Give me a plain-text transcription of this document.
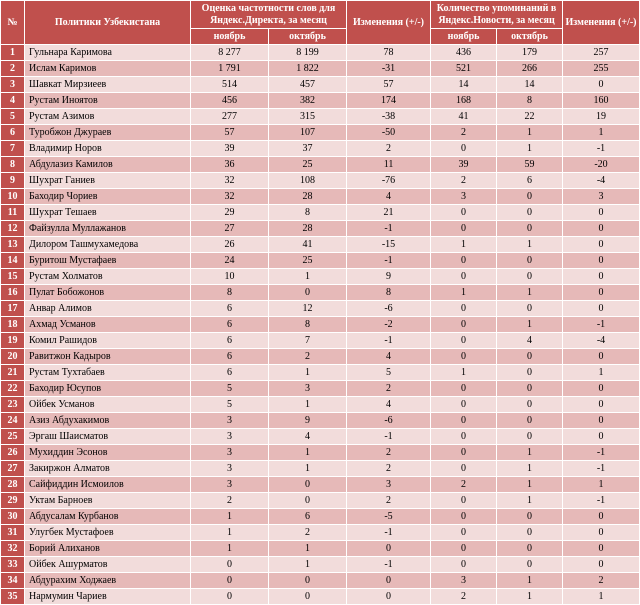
№	Политики Узбекистана	Оценка частотности слов для Яндекс.Директа, за месяц		Изменения (+/-)	Количество упоминаний в Яндекс.Новости, за месяц		Изменения (+/-)
		ноябрь	октябрь		ноябрь	октябрь	
1	Гульнара Каримова	8 277	8 199	78	436	179	257
2	Ислам Каримов	1 791	1 822	-31	521	266	255
3	Шавкат Мирзиеев	514	457	57	14	14	0
4	Рустам Иноятов	456	382	174	168	8	160
5	Рустам Азимов	277	315	-38	41	22	19
6	Туробжон Джураев	57	107	-50	2	1	1
7	Владимир Норов	39	37	2	0	1	-1
8	Абдулазиз Камилов	36	25	11	39	59	-20
9	Шухрат Ганиев	32	108	-76	2	6	-4
10	Баходир Чориев	32	28	4	3	0	3
11	Шухрат Тешаев	29	8	21	0	0	0
12	Файзулла Муллажанов	27	28	-1	0	0	0
13	Дилором Ташмухамедова	26	41	-15	1	1	0
14	Буритош Мустафаев	24	25	-1	0	0	0
15	Рустам Холматов	10	1	9	0	0	0
16	Пулат Бобожонов	8	0	8	1	1	0
17	Анвар Алимов	6	12	-6	0	0	0
18	Ахмад Усманов	6	8	-2	0	1	-1
19	Комил Рашидов	6	7	-1	0	4	-4
20	Равитжон Кадыров	6	2	4	0	0	0
21	Рустам Тухтабаев	6	1	5	1	0	1
22	Баходир Юсупов	5	3	2	0	0	0
23	Ойбек Усманов	5	1	4	0	0	0
24	Азиз Абдухакимов	3	9	-6	0	0	0
25	Эргаш Шаисматов	3	4	-1	0	0	0
26	Мухиддин Эсонов	3	1	2	0	1	-1
27	Закиржон Алматов	3	1	2	0	1	-1
28	Сайфиддин Исмоилов	3	0	3	2	1	1
29	Уктам Барноев	2	0	2	0	1	-1
30	Абдусалам Курбанов	1	6	-5	0	0	0
31	Улугбек Мустафоев	1	2	-1	0	0	0
32	Борий Алиханов	1	1	0	0	0	0
33	Ойбек Ашурматов	0	1	-1	0	0	0
34	Абдурахим Ходжаев	0	0	0	3	1	2
35	Нармумин Чариев	0	0	0	2	1	1
